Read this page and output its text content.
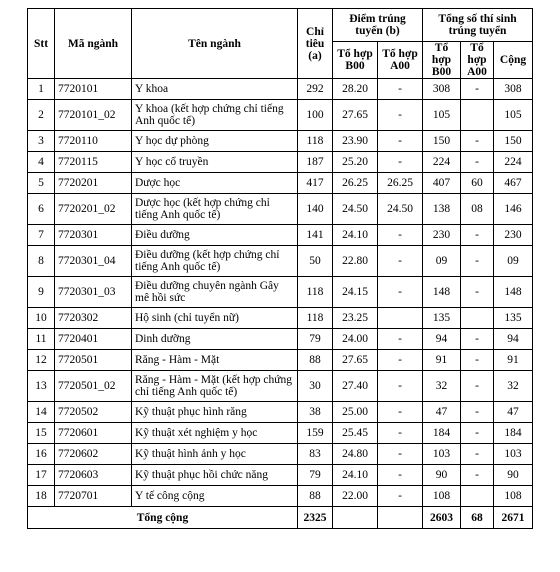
Stt	Mã ngành	Tên ngành	Chỉ tiêu (a)	Điểm trúng tuyển (b)		Tổng số thí sinh trúng tuyển		
				Tổ hợp B00	Tổ hợp A00	Tổ hợp B00	Tổ hợp A00	Cộng
1	7720101	Y khoa	292	28.20	-	308	-	308
2	7720101_02	Y khoa (kết hợp chứng chỉ tiếng Anh quốc tế)	100	27.65	-	105		105
3	7720110	Y học dự phòng	118	23.90	-	150	-	150
4	7720115	Y học cổ truyền	187	25.20	-	224	-	224
5	7720201	Dược học	417	26.25	26.25	407	60	467
6	7720201_02	Dược học (kết hợp chứng chỉ tiếng Anh quốc tế)	140	24.50	24.50	138	08	146
7	7720301	Điều dưỡng	141	24.10	-	230	-	230
8	7720301_04	Điều dưỡng (kết hợp chứng chỉ tiếng Anh quốc tế)	50	22.80	-	09	-	09
9	7720301_03	Điều dưỡng chuyên ngành Gây mê hồi sức	118	24.15	-	148	-	148
10	7720302	Hộ sinh (chỉ tuyển nữ)	118	23.25		135		135
11	7720401	Dinh dưỡng	79	24.00	-	94	-	94
12	7720501	Răng - Hàm - Mặt	88	27.65	-	91	-	91
13	7720501_02	Răng - Hàm - Mặt (kết hợp chứng chỉ tiếng Anh quốc tế)	30	27.40	-	32	-	32
14	7720502	Kỹ thuật phục hình răng	38	25.00	-	47	-	47
15	7720601	Kỹ thuật xét nghiệm y học	159	25.45	-	184	-	184
16	7720602	Kỹ thuật hình ảnh y học	83	24.80	-	103	-	103
17	7720603	Kỹ thuật phục hồi chức năng	79	24.10	-	90	-	90
18	7720701	Y tế công cộng	88	22.00	-	108		108
Tổng cộng			2325			2603	68	2671
